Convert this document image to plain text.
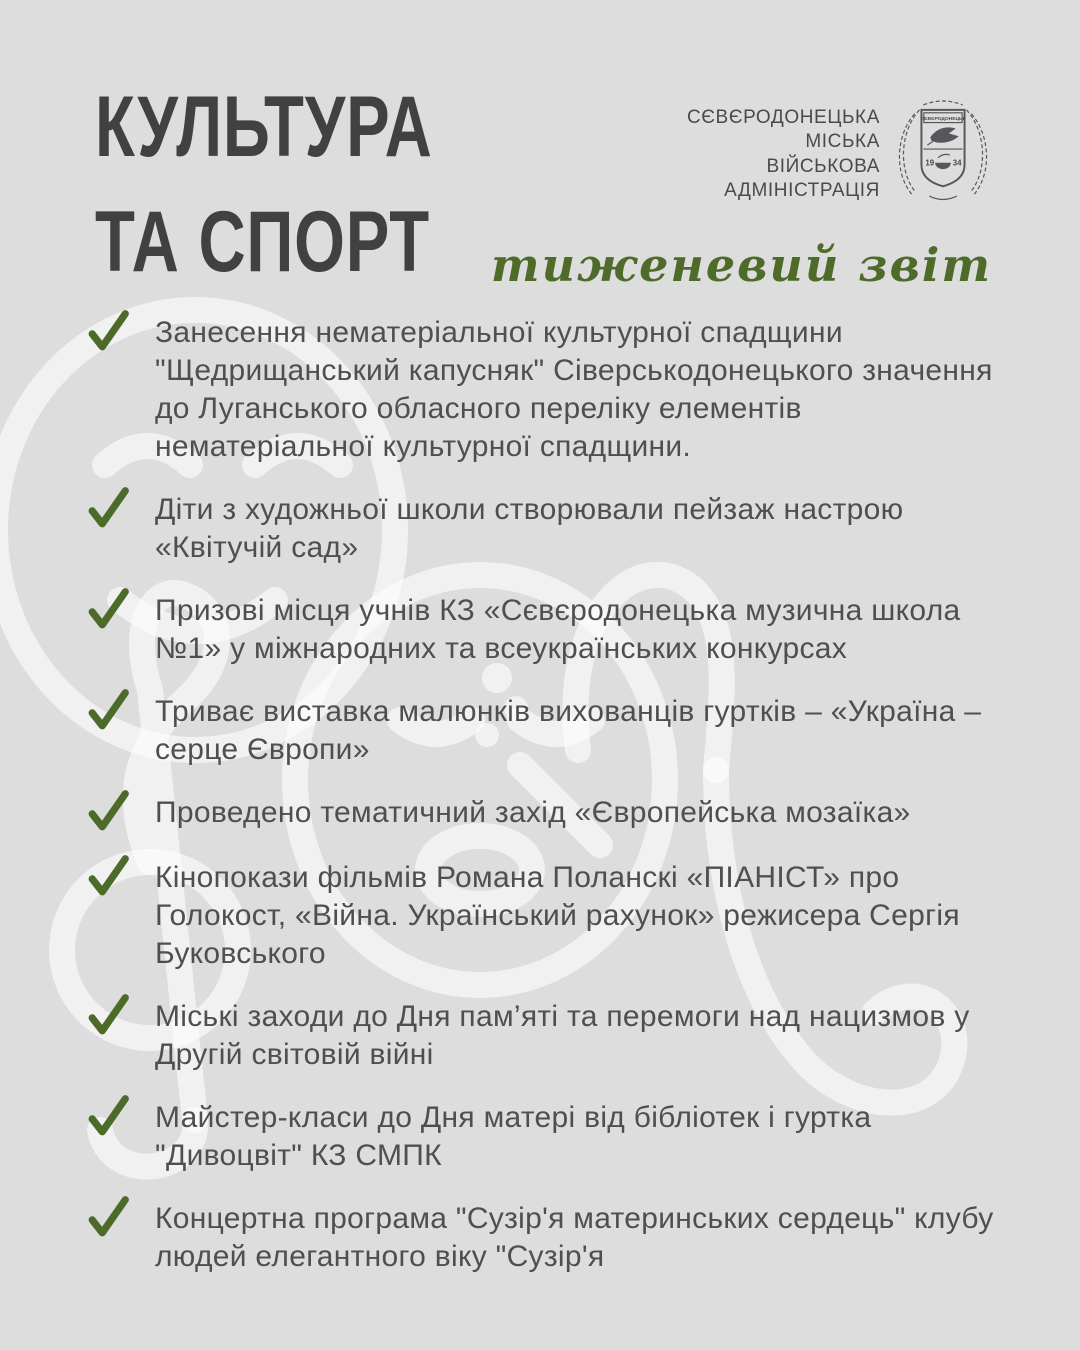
КУЛЬТУРА
ТА СПОРТ
СЄВЄРОДОНЕЦЬКА
МІСЬКА
ВІЙСЬКОВА
АДМІНІСТРАЦІЯ
СЄВЄРОДОНЕЦЬК
19 34
тиженевий звіт
Занесення нематеріальної культурної спадщини "Щедрищанський капусняк" Сіверськодонецького значення до Луганського обласного переліку елементів нематеріальної культурної спадщини.
Діти з художньої школи створювали пейзаж настрою «Квітучій сад»
Призові місця учнів КЗ «Сєвєродонецька музична школа №1» у міжнародних та всеукраїнських конкурсах
Триває виставка малюнків вихованців гуртків – «Україна – серце Європи»
Проведено тематичний захід «Європейська мозаїка»
Кінопокази фільмів Романа Поланскі «ПІАНІСТ» про Голокост, «Війна. Український рахунок» режисера Сергія Буковського
Міські заходи до Дня пам’яті та перемоги над нацизмов у Другій світовій війні
Майстер-класи до Дня матері від бібліотек і гуртка "Дивоцвіт" КЗ СМПК
Концертна програма "Сузір'я материнських сердець" клубу людей елегантного віку "Сузір'я
